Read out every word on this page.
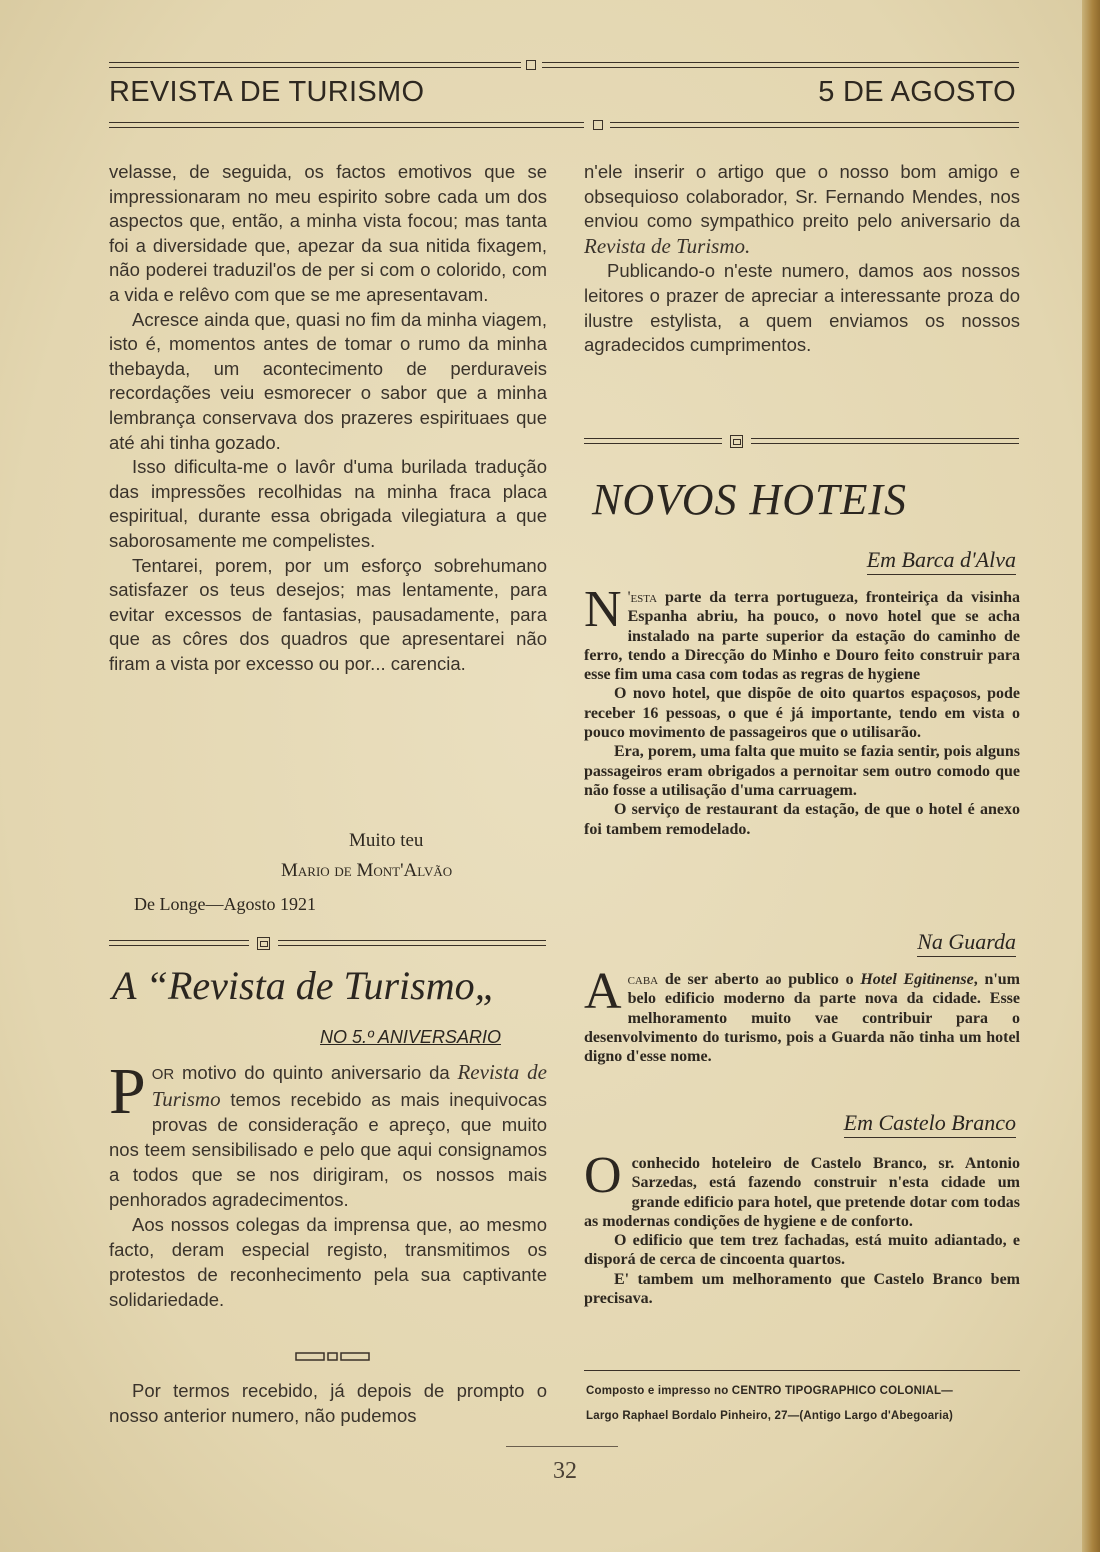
REVISTA DE TURISMO	5 DE AGOSTO

velasse, de seguida, os factos emotivos que se impressionaram no meu espirito sobre cada um dos aspectos que, então, a minha vista focou; mas tanta foi a diversidade que, apezar da sua nitida fixagem, não poderei traduzil'os de per si com o colorido, com a vida e relêvo com que se me apresentavam.

Acresce ainda que, quasi no fim da minha viagem, isto é, momentos antes de tomar o rumo da minha thebayda, um acontecimento de perduraveis recordações veiu esmorecer o sabor que a minha lembrança conservava dos prazeres espirituaes que até ahi tinha gozado.

Isso dificulta-me o lavôr d'uma burilada tradução das impressões recolhidas na minha fraca placa espiritual, durante essa obrigada vilegiatura a que saborosamente me compelistes.

Tentarei, porem, por um esforço sobrehumano satisfazer os teus desejos; mas lentamente, para evitar excessos de fantasias, pausadamente, para que as côres dos quadros que apresentarei não firam a vista por excesso ou por... carencia.

Muito teu
Mario de Mont'Alvão
De Longe—Agosto 1921
A “Revista de Turismo„
NO 5.º ANIVERSARIO

POR motivo do quinto aniversario da Revista de Turismo temos recebido as mais inequivocas provas de consideração e apreço, que muito nos teem sensibilisado e pelo que aqui consignamos a todos que se nos dirigiram, os nossos mais penhorados agradecimentos.

Aos nossos colegas da imprensa que, ao mesmo facto, deram especial registo, transmitimos os protestos de reconhecimento pela sua captivante solidariedade.

Por termos recebido, já depois de prompto o nosso anterior numero, não pudemos

n'ele inserir o artigo que o nosso bom amigo e obsequioso colaborador, Sr. Fernando Mendes, nos enviou como sympathico preito pelo aniversario da Revista de Turismo.

Publicando-o n'este numero, damos aos nossos leitores o prazer de apreciar a interessante proza do ilustre estylista, a quem enviamos os nossos agradecidos cumprimentos.

NOVOS HOTEIS
Em Barca d'Alva

N 'esta parte da terra portugueza, fronteiriça da visinha Espanha abriu, ha pouco, o novo hotel que se acha instalado na parte superior da estação do caminho de ferro, tendo a Direcção do Minho e Douro feito construir para esse fim uma casa com todas as regras de hygiene

O novo hotel, que dispõe de oito quartos espaçosos, pode receber 16 pessoas, o que é já importante, tendo em vista o pouco movimento de passageiros que o utilisarão.

Era, porem, uma falta que muito se fazia sentir, pois alguns passageiros eram obrigados a pernoitar sem outro comodo que não fosse a utilisação d'uma carruagem.

O serviço de restaurant da estação, de que o hotel é anexo foi tambem remodelado.

Na Guarda

Acaba de ser aberto ao publico o Hotel Egitinense, n'um belo edificio moderno da parte nova da cidade. Esse melhoramento muito vae contribuir para o desenvolvimento do turismo, pois a Guarda não tinha um hotel digno d'esse nome.

Em Castelo Branco

Oconhecido hoteleiro de Castelo Branco, sr. Antonio Sarzedas, está fazendo construir n'esta cidade um grande edificio para hotel, que pretende dotar com todas as modernas condições de hygiene e de conforto.

O edificio que tem trez fachadas, está muito adiantado, e disporá de cerca de cincoenta quartos.

E' tambem um melhoramento que Castelo Branco bem precisava.

Composto e impresso no CENTRO TIPOGRAPHICO COLONIAL—
Largo Raphael Bordalo Pinheiro, 27—(Antigo Largo d'Abegoaria)
32
